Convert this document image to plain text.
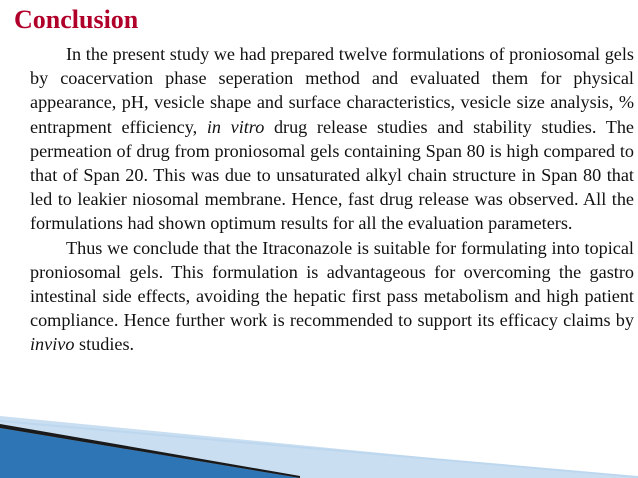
Conclusion

In the present study we had prepared twelve formulations of proniosomal gels by coacervation phase seperation method and evaluated them for physical appearance, pH, vesicle shape and surface characteristics, vesicle size analysis, % entrapment efficiency, in vitro drug release studies and stability studies. The permeation of drug from proniosomal gels containing Span 80 is high compared to that of Span 20. This was due to unsaturated alkyl chain structure in Span 80 that led to leakier niosomal membrane. Hence, fast drug release was observed. All the formulations had shown optimum results for all the evaluation parameters.

Thus we conclude that the Itraconazole is suitable for formulating into topical proniosomal gels. This formulation is advantageous for overcoming the gastro intestinal side effects, avoiding the hepatic first pass metabolism and high patient compliance. Hence further work is recommended to support its efficacy claims by invivo studies.
